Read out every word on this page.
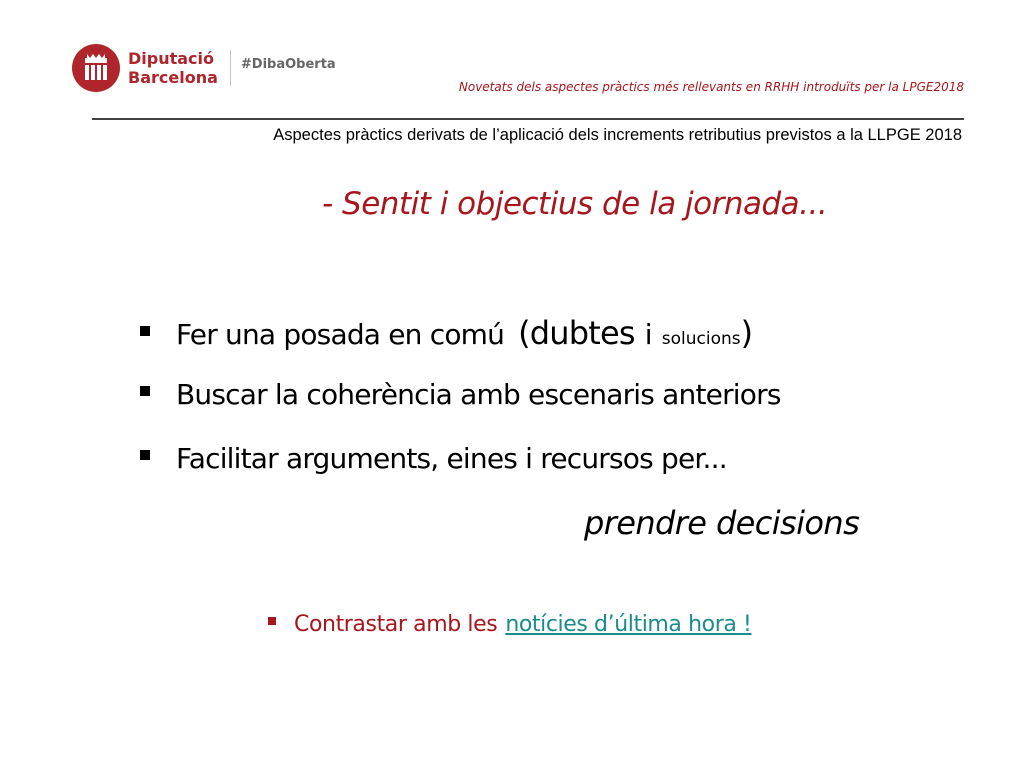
Diputació
Barcelona
#DibaOberta
Novetats dels aspectes pràctics més rellevants en RRHH introduïts per la LPGE2018
Aspectes pràctics derivats de l’aplicació dels increments retributius previstos a la LLPGE 2018
- Sentit i objectius de la jornada...
Fer una posada en comú (dubtes i solucions )
Buscar la coherència amb escenaris anteriors
Facilitar arguments, eines i recursos per...
prendre decisions
Contrastar amb les notícies d’última hora !
